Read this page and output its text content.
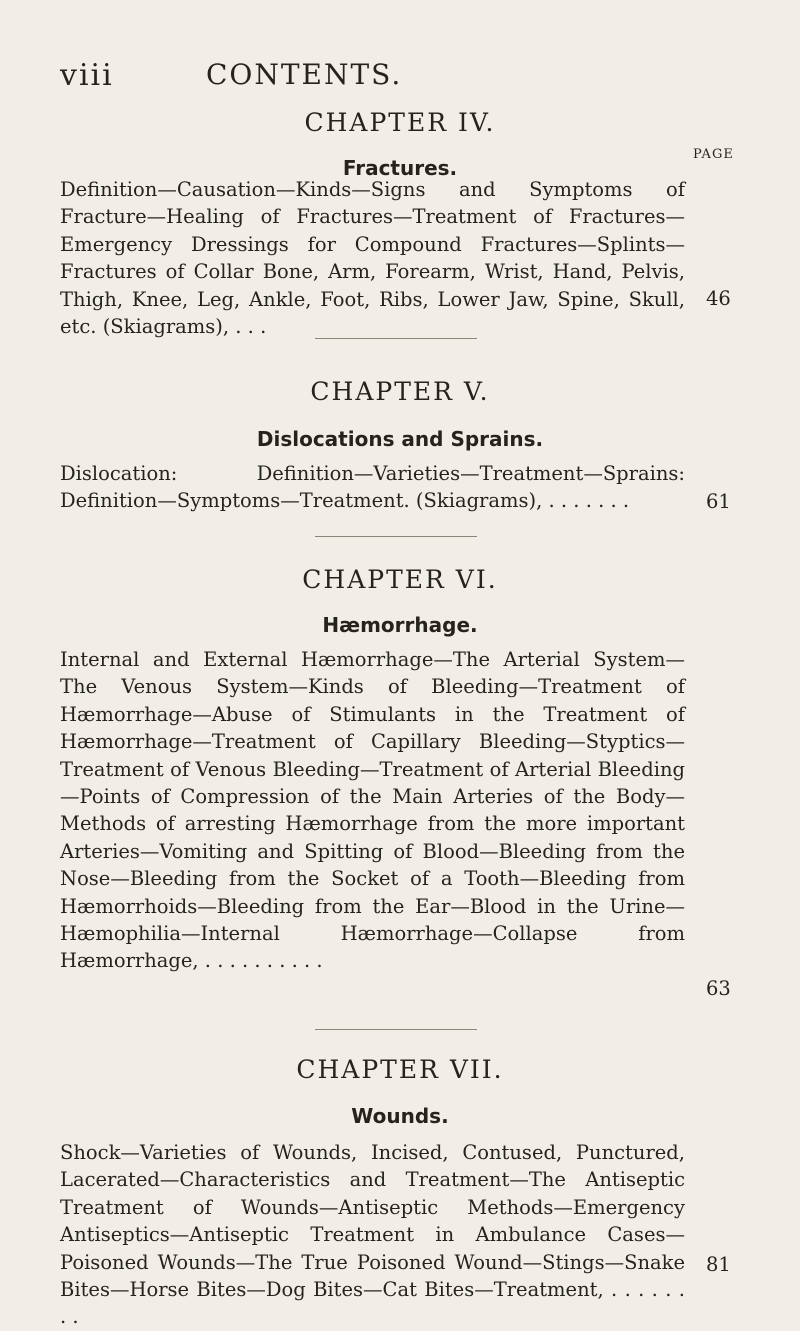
viii	CONTENTS.
PAGE
CHAPTER IV.
Fractures.
Definition—Causation—Kinds—Signs and Symptoms of Fracture—Healing of Fractures—Treatment of Fractures—Emergency Dressings for Compound Fractures—Splints—Fractures of Collar Bone, Arm, Forearm, Wrist, Hand, Pelvis, Thigh, Knee, Leg, Ankle, Foot, Ribs, Lower Jaw, Spine, Skull, etc. (Skiagrams), . . .
46
CHAPTER V.
Dislocations and Sprains.
Dislocation: Definition—Varieties—Treatment—Sprains: Definition—Symptoms—Treatment. (Skiagrams), . . . . . . .	61
CHAPTER VI.
Hæmorrhage.
Internal and External Hæmorrhage—The Arterial System—The Venous System—Kinds of Bleeding—Treatment of Hæmorrhage—Abuse of Stimulants in the Treatment of Hæmorrhage—Treatment of Capillary Bleeding—Styptics—Treatment of Venous Bleeding—Treatment of Arterial Bleeding—Points of Compression of the Main Arteries of the Body—Methods of arresting Hæmorrhage from the more important Arteries—Vomiting and Spitting of Blood—Bleeding from the Nose—Bleeding from the Socket of a Tooth—Bleeding from Hæmorrhoids—Bleeding from the Ear—Blood in the Urine—Hæmophilia—Internal Hæmorrhage—Collapse from Hæmorrhage, . . . . . . . . . .
63
CHAPTER VII.
Wounds.
Shock—Varieties of Wounds, Incised, Contused, Punctured, Lacerated—Characteristics and Treatment—The Antiseptic Treatment of Wounds—Antiseptic Methods—Emergency Antiseptics—Antiseptic Treatment in Ambulance Cases—Poisoned Wounds—The True Poisoned Wound—Stings—Snake Bites—Horse Bites—Dog Bites—Cat Bites—Treatment, . . . . . . . .
81
